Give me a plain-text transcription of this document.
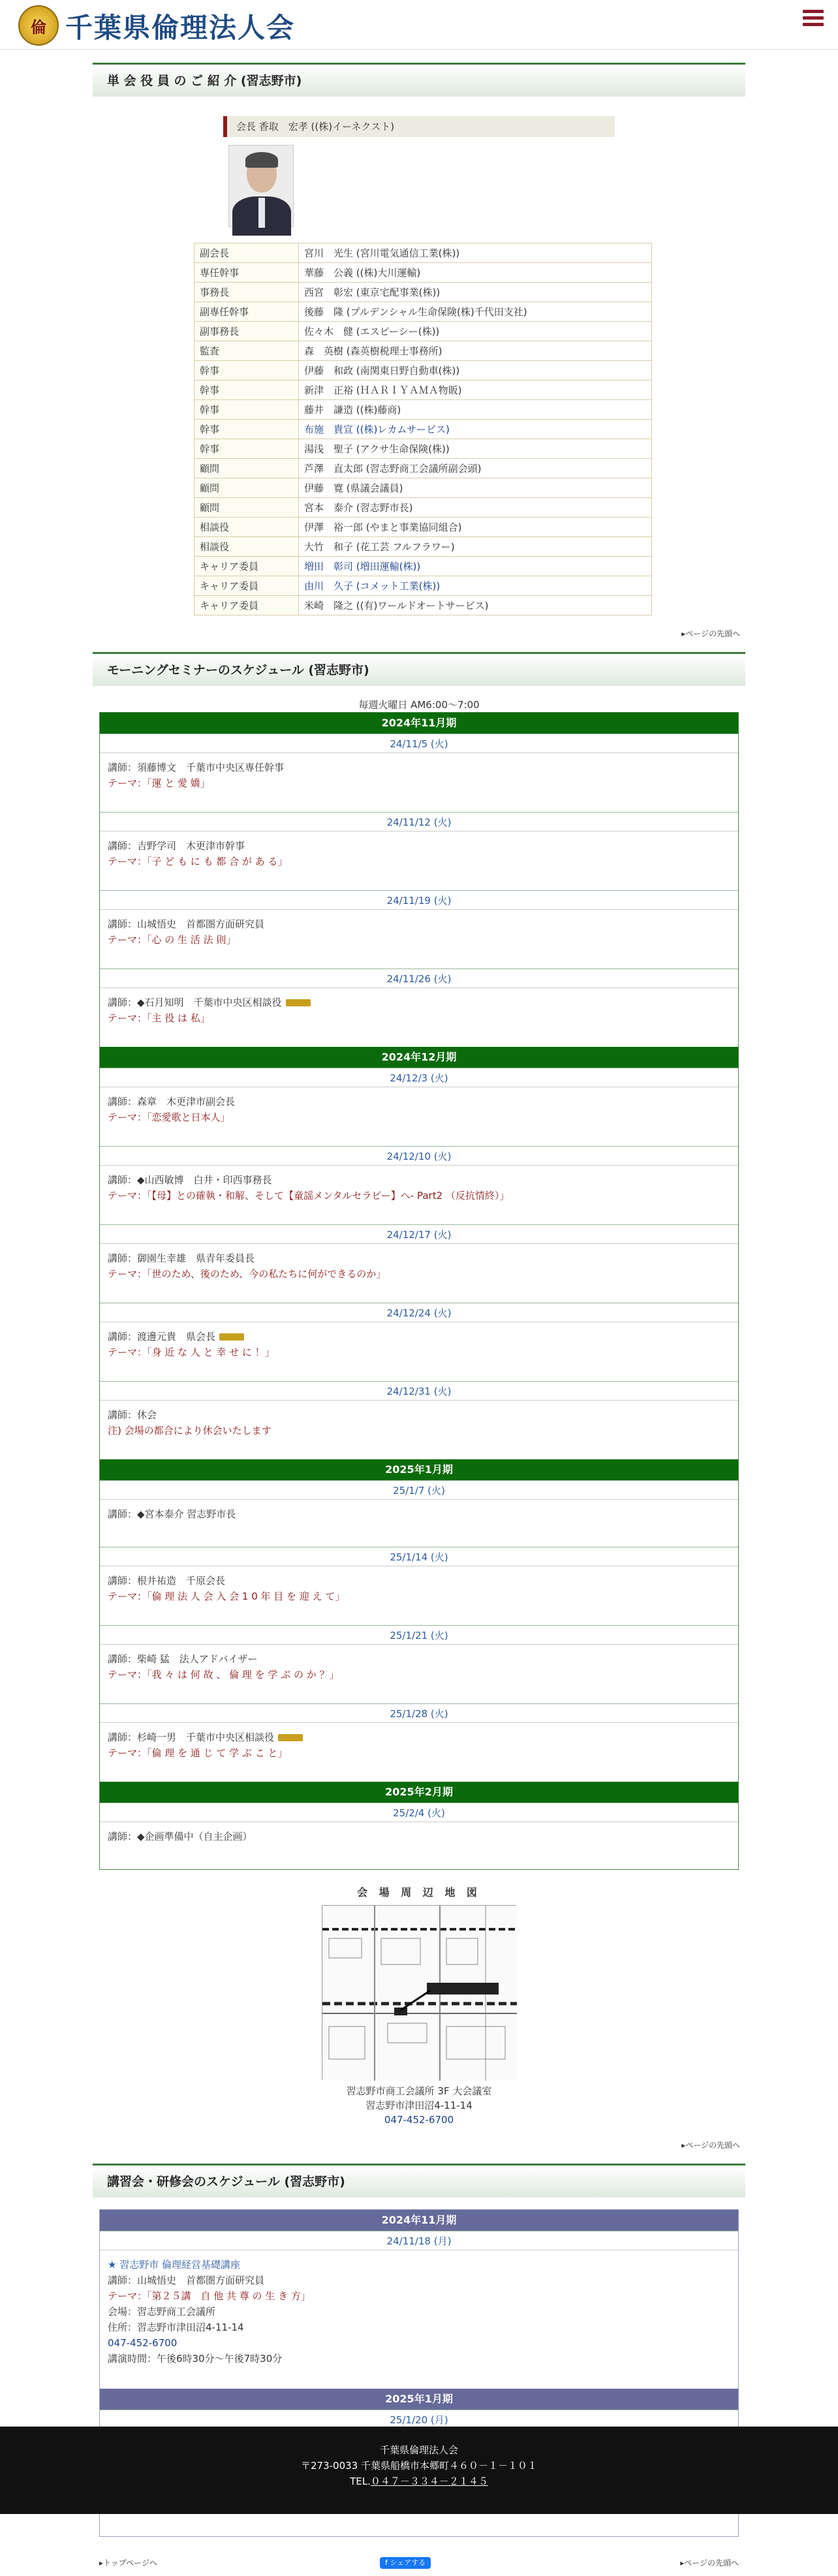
倫 千葉県倫理法人会
単 会 役 員 の ご 紹 介 (習志野市)
会長 香取　宏孝 ((株)イーネクスト)
副会長	宮川　光生 (宮川電気通信工業(株))
専任幹事	華藤　公義 ((株)大川運輸)
事務長	西宮　彰宏 (東京宅配事業(株))
副専任幹事	後藤　隆 (プルデンシャル生命保険(株)千代田支社)
副事務長	佐々木　健 (エスピーシー(株))
監査	森　英樹 (森英樹税理士事務所)
幹事	伊藤　和政 (南関東日野自動車(株))
幹事	新津　正裕 (ＨＡＲＩＹＡＭＡ物販)
幹事	藤井　謙造 ((株)藤商)
幹事	布施　貴宣 ((株)レカムサービス)
幹事	湯浅　聖子 (アクサ生命保険(株))
顧問	芦澤　直太郎 (習志野商工会議所副会頭)
顧問	伊藤　寛 (県議会議員)
顧問	宮本　泰介 (習志野市長)
相談役	伊澤　裕一郎 (やまと事業協同組合)
相談役	大竹　和子 (花工芸 フルフラワー)
キャリア委員	増田　彰司 (増田運輸(株))
キャリア委員	由川　久子 (コメット工業(株))
キャリア委員	米崎　隆之 ((有)ワールドオートサービス)
▸ページの先頭へ
モーニングセミナーのスケジュール (習志野市)
毎週火曜日 AM6:00〜7:00
2024年11月期
24/11/5 (火)
講師：須藤博文　千葉市中央区専任幹事
テーマ：「運 と 愛 嬌」
24/11/12 (火)
講師：吉野学司　木更津市幹事
テーマ：「子 ど も に も 都 合 が あ る」
24/11/19 (火)
講師：山城悟史　首都圏方面研究員
テーマ：「心 の 生 活 法 則」
24/11/26 (火)
講師：◆石月知明　千葉市中央区相談役
テーマ：「主 役 は 私」
2024年12月期
24/12/3 (火)
講師：森章　木更津市副会長
テーマ：「恋愛歌と日本人」
24/12/10 (火)
講師：◆山西敏博　白井・印西事務長
テーマ：「【母】との確執・和解、そして【童謡メンタルセラピー】へ- Part2 （反抗情終）」
24/12/17 (火)
講師：御園生幸雄　県青年委員長
テーマ：「世のため、後のため、今の私たちに何ができるのか」
24/12/24 (火)
講師：渡邊元貴　県会長
テーマ：「身 近 な 人 と 幸 せ に ！」
24/12/31 (火)
講師：休会
注) 会場の都合により休会いたします
2025年1月期
25/1/7 (火)
講師：◆宮本泰介 習志野市長
25/1/14 (火)
講師：根井祐造　千原会長
テーマ：「倫 理 法 人 会 入 会 1 0 年 目 を 迎 え て」
25/1/21 (火)
講師：柴崎 猛　法人アドバイザー
テーマ：「我 々 は 何 故 、 倫 理 を 学 ぶ の か ？」
25/1/28 (火)
講師：杉崎一男　千葉市中央区相談役
テーマ：「倫 理 を 通 じ て 学 ぶ こ と」
2025年2月期
25/2/4 (火)
講師：◆企画準備中（自主企画）
会 場 周 辺 地 図
習志野市商工会議所 3F 大会議室
習志野市津田沼4-11-14
047-452-6700
▸ページの先頭へ
講習会・研修会のスケジュール (習志野市)
2024年11月期
24/11/18 (月)
★ 習志野市 倫理経営基礎講座
講師：山城悟史　首都圏方面研究員
テーマ：「第２５講　自 他 共 尊 の 生 き 方」
会場：習志野商工会議所
住所：習志野市津田沼4-11-14
047-452-6700
講演時間：午後6時30分〜午後7時30分
2025年1月期
25/1/20 (月)
▸トップページへ	f シェアする	▸ページの先頭へ
千葉県倫理法人会
〒273-0033 千葉県船橋市本郷町４６０－１－１０１
TEL.０４７－３３４－２１４５
